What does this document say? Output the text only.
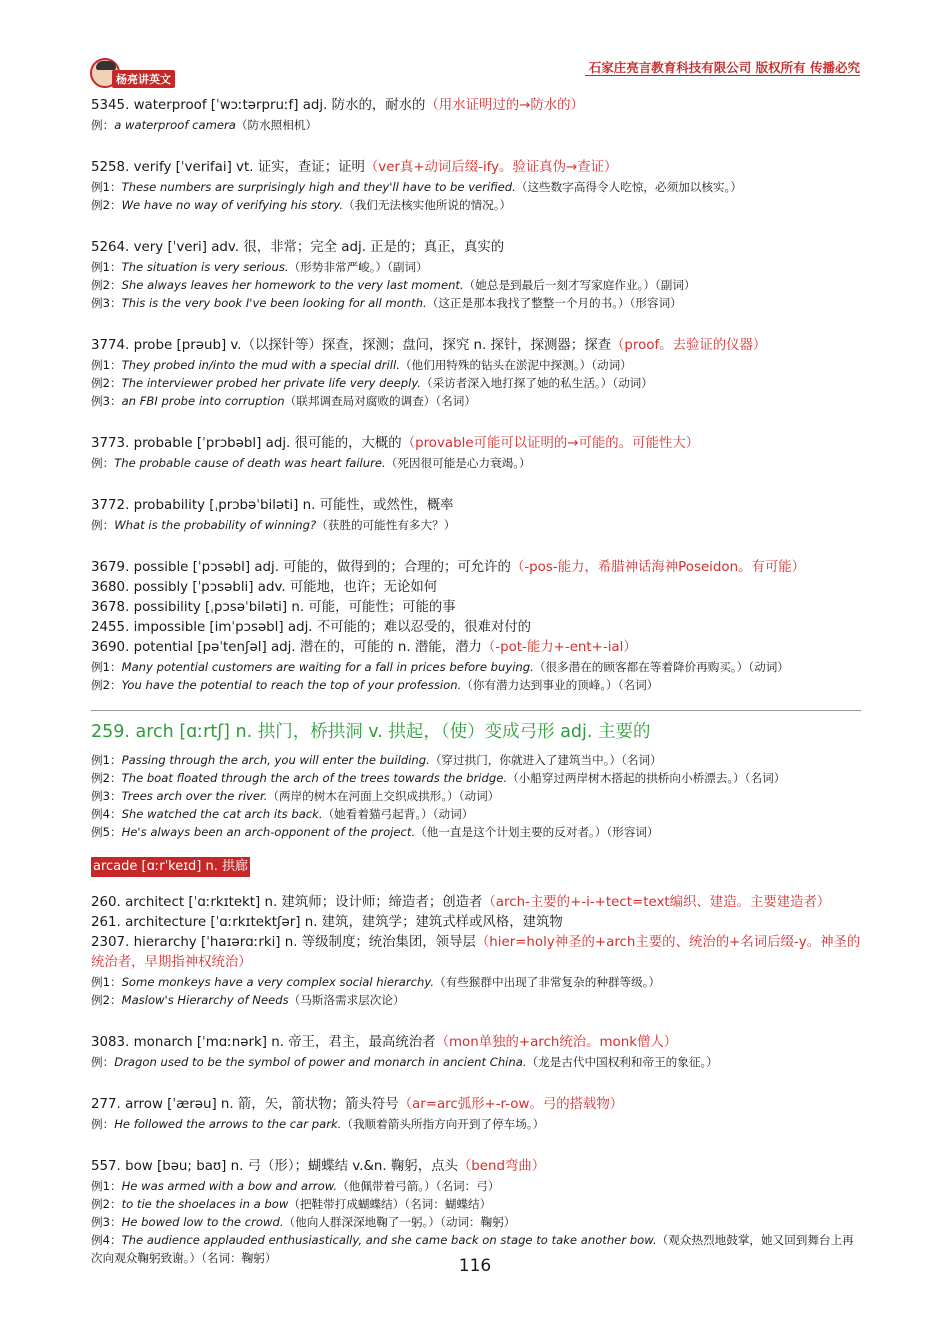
杨亮讲英文
石家庄亮言教育科技有限公司 版权所有 传播必究
5345. waterproof [ˈwɔːtərpruːf] adj. 防水的，耐水的（用水证明过的→防水的）
例：a waterproof camera（防水照相机）
5258. verify [ˈverifai] vt. 证实，查证；证明（ver真+动词后缀-ify。验证真伪→查证）
例1：These numbers are surprisingly high and they'll have to be verified.（这些数字高得令人吃惊，必须加以核实。）
例2：We have no way of verifying his story.（我们无法核实他所说的情况。）
5264. very [ˈveri] adv. 很，非常；完全 adj. 正是的；真正，真实的
例1：The situation is very serious.（形势非常严峻。）（副词）
例2：She always leaves her homework to the very last moment.（她总是到最后一刻才写家庭作业。）（副词）
例3：This is the very book I've been looking for all month.（这正是那本我找了整整一个月的书。）（形容词）
3774. probe [prəub] v.（以探针等）探查，探测；盘问，探究 n. 探针，探测器；探查（proof。去验证的仪器）
例1：They probed in/into the mud with a special drill.（他们用特殊的钻头在淤泥中探测。）（动词）
例2：The interviewer probed her private life very deeply.（采访者深入地打探了她的私生活。）（动词）
例3：an FBI probe into corruption（联邦调查局对腐败的调查）（名词）
3773. probable [ˈprɔbəbl] adj. 很可能的，大概的（provable可能可以证明的→可能的。可能性大）
例：The probable cause of death was heart failure.（死因很可能是心力衰竭。）
3772. probability [ˌprɔbəˈbiləti] n. 可能性，或然性，概率
例：What is the probability of winning?（获胜的可能性有多大？）
3679. possible [ˈpɔsəbl] adj. 可能的，做得到的；合理的；可允许的（-pos-能力，希腊神话海神Poseidon。有可能）
3680. possibly [ˈpɔsəbli] adv. 可能地，也许；无论如何
3678. possibility [ˌpɔsəˈbiləti] n. 可能，可能性；可能的事
2455. impossible [imˈpɔsəbl] adj. 不可能的；难以忍受的，很难对付的
3690. potential [pəˈtenʃəl] adj. 潜在的，可能的 n. 潜能，潜力（-pot-能力+-ent+-ial）
例1：Many potential customers are waiting for a fall in prices before buying.（很多潜在的顾客都在等着降价再购买。）（动词）
例2：You have the potential to reach the top of your profession.（你有潜力达到事业的顶峰。）（名词）
259. arch [ɑːrtʃ] n. 拱门，桥拱洞 v. 拱起，（使）变成弓形 adj. 主要的
例1：Passing through the arch, you will enter the building.（穿过拱门，你就进入了建筑当中。）（名词）
例2：The boat floated through the arch of the trees towards the bridge.（小船穿过两岸树木搭起的拱桥向小桥漂去。）（名词）
例3：Trees arch over the river.（两岸的树木在河面上交织成拱形。）（动词）
例4：She watched the cat arch its back.（她看着猫弓起背。）（动词）
例5：He's always been an arch-opponent of the project.（他一直是这个计划主要的反对者。）（形容词）
arcade [ɑːrˈkeɪd] n. 拱廊
260. architect [ˈɑːrkɪtekt] n. 建筑师；设计师；缔造者；创造者（arch-主要的+-i-+tect=text编织、建造。主要建造者）
261. architecture [ˈɑːrkɪtektʃər] n. 建筑，建筑学；建筑式样或风格，建筑物
2307. hierarchy [ˈhaɪərɑːrki] n. 等级制度；统治集团，领导层（hier=holy神圣的+arch主要的、统治的+名词后缀-y。神圣的统治者，早期指神权统治）
例1：Some monkeys have a very complex social hierarchy.（有些猴群中出现了非常复杂的种群等级。）
例2：Maslow's Hierarchy of Needs（马斯洛需求层次论）
3083. monarch [ˈmɑːnərk] n. 帝王，君主，最高统治者（mon单独的+arch统治。monk僧人）
例：Dragon used to be the symbol of power and monarch in ancient China.（龙是古代中国权利和帝王的象征。）
277. arrow [ˈærəu] n. 箭，矢，箭状物；箭头符号（ar=arc弧形+-r-ow。弓的搭载物）
例：He followed the arrows to the car park.（我顺着箭头所指方向开到了停车场。）
557. bow [bəu; baʊ] n. 弓（形）；蝴蝶结 v.&n. 鞠躬，点头（bend弯曲）
例1：He was armed with a bow and arrow.（他佩带着弓箭。）（名词：弓）
例2：to tie the shoelaces in a bow（把鞋带打成蝴蝶结）（名词：蝴蝶结）
例3：He bowed low to the crowd.（他向人群深深地鞠了一躬。）（动词：鞠躬）
例4：The audience applauded enthusiastically, and she came back on stage to take another bow.（观众热烈地鼓掌，她又回到舞台上再次向观众鞠躬致谢。）（名词：鞠躬）	116
